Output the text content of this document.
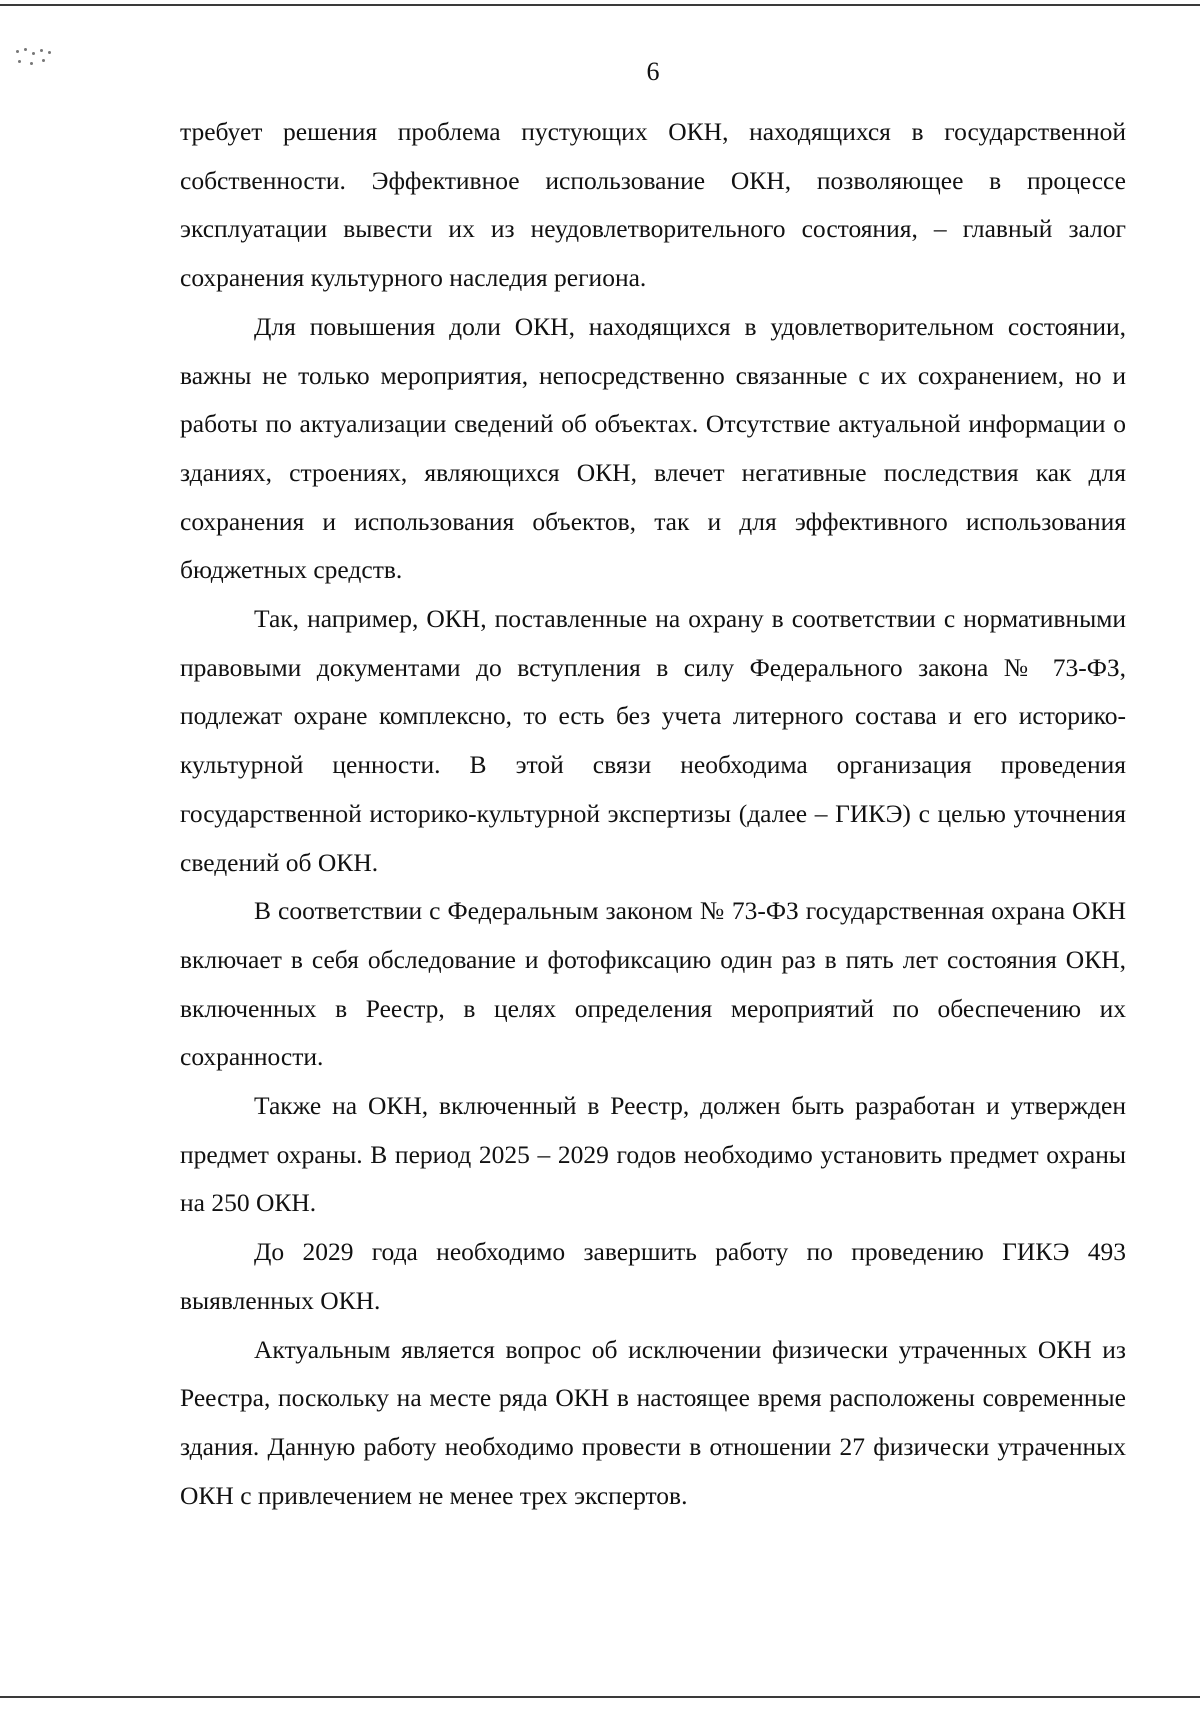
6

требует решения проблема пустующих ОКН, находящихся в государственной собственности. Эффективное использование ОКН, позволяющее в процессе эксплуатации вывести их из неудовлетворительного состояния, – главный залог сохранения культурного наследия региона.

Для повышения доли ОКН, находящихся в удовлетворительном состоянии, важны не только мероприятия, непосредственно связанные с их сохранением, но и работы по актуализации сведений об объектах. Отсутствие актуальной информации о зданиях, строениях, являющихся ОКН, влечет негативные последствия как для сохранения и использования объектов, так и для эффективного использования бюджетных средств.

Так, например, ОКН, поставленные на охрану в соответствии с нормативными правовыми документами до вступления в силу Федерального закона № 73-ФЗ, подлежат охране комплексно, то есть без учета литерного состава и его историко-культурной ценности. В этой связи необходима организация проведения государственной историко-культурной экспертизы (далее – ГИКЭ) с целью уточнения сведений об ОКН.

В соответствии с Федеральным законом № 73-ФЗ государственная охрана ОКН включает в себя обследование и фотофиксацию один раз в пять лет состояния ОКН, включенных в Реестр, в целях определения мероприятий по обеспечению их сохранности.

Также на ОКН, включенный в Реестр, должен быть разработан и утвержден предмет охраны. В период 2025 – 2029 годов необходимо установить предмет охраны на 250 ОКН.

До 2029 года необходимо завершить работу по проведению ГИКЭ 493 выявленных ОКН.

Актуальным является вопрос об исключении физически утраченных ОКН из Реестра, поскольку на месте ряда ОКН в настоящее время расположены современные здания. Данную работу необходимо провести в отношении 27 физически утраченных ОКН с привлечением не менее трех экспертов.
